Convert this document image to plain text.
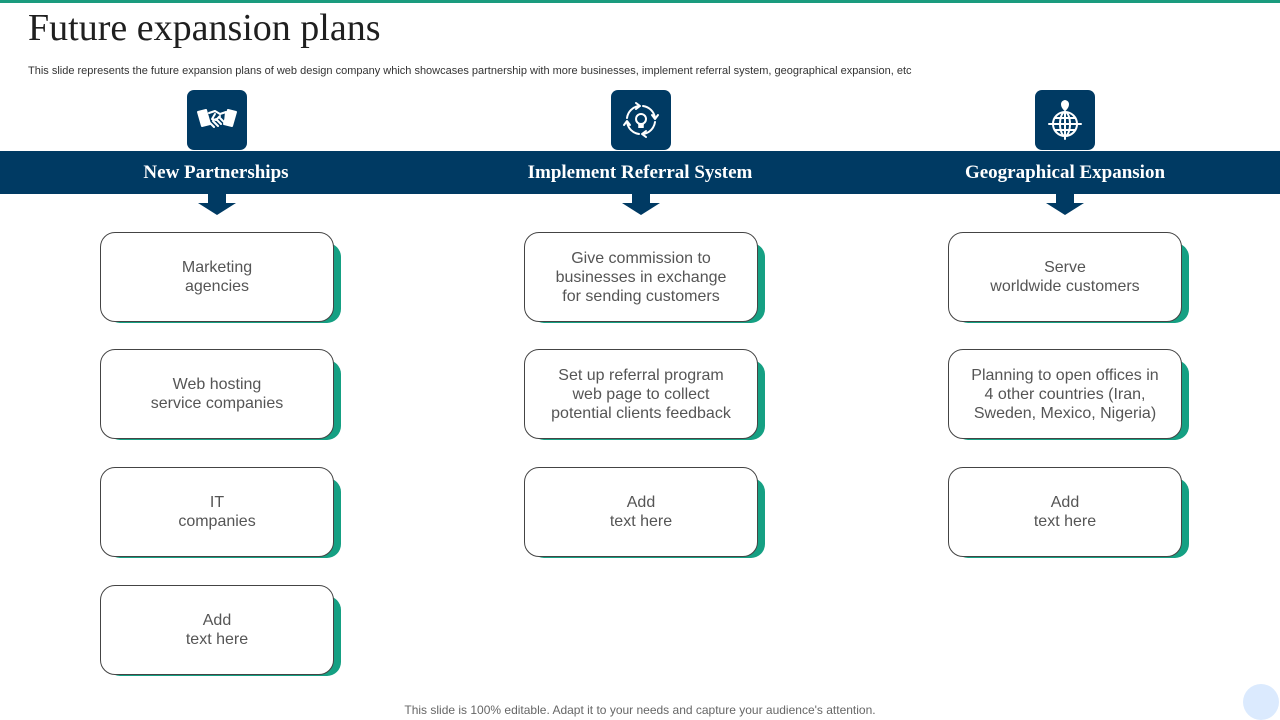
Future expansion plans

This slide represents the future expansion plans of web design company which showcases partnership with more businesses, implement referral system, geographical expansion, etc

New Partnerships
Marketing
agencies
Web hosting
service companies
IT
companies
Add
text here
Implement Referral System
Give commission to
businesses in exchange
for sending customers
Set up referral program
web page to collect
potential clients feedback
Add
text here
Geographical Expansion
Serve
worldwide customers
Planning to open offices in
4 other countries (Iran,
Sweden, Mexico, Nigeria)
Add
text here

This slide is 100% editable. Adapt it to your needs and capture your audience's attention.
